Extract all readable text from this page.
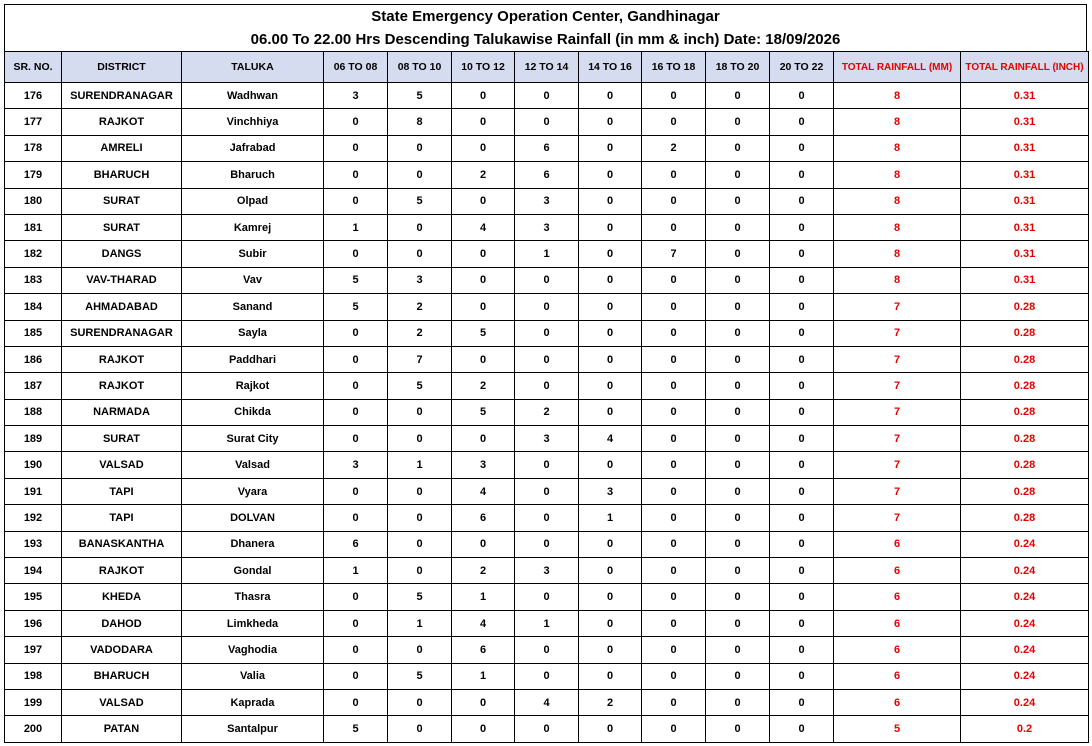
State Emergency Operation Center, Gandhinagar
06.00 To 22.00 Hrs Descending Talukawise Rainfall (in mm & inch) Date: 18/09/2026
SR. NO.	DISTRICT	TALUKA	06 TO 08	08 TO 10	10 TO 12	12 TO 14	14 TO 16	16 TO 18	18 TO 20	20 TO 22	TOTAL RAINFALL (MM)	TOTAL RAINFALL (INCH)
176	SURENDRANAGAR	Wadhwan	3	5	0	0	0	0	0	0	8	0.31
177	RAJKOT	Vinchhiya	0	8	0	0	0	0	0	0	8	0.31
178	AMRELI	Jafrabad	0	0	0	6	0	2	0	0	8	0.31
179	BHARUCH	Bharuch	0	0	2	6	0	0	0	0	8	0.31
180	SURAT	Olpad	0	5	0	3	0	0	0	0	8	0.31
181	SURAT	Kamrej	1	0	4	3	0	0	0	0	8	0.31
182	DANGS	Subir	0	0	0	1	0	7	0	0	8	0.31
183	VAV-THARAD	Vav	5	3	0	0	0	0	0	0	8	0.31
184	AHMADABAD	Sanand	5	2	0	0	0	0	0	0	7	0.28
185	SURENDRANAGAR	Sayla	0	2	5	0	0	0	0	0	7	0.28
186	RAJKOT	Paddhari	0	7	0	0	0	0	0	0	7	0.28
187	RAJKOT	Rajkot	0	5	2	0	0	0	0	0	7	0.28
188	NARMADA	Chikda	0	0	5	2	0	0	0	0	7	0.28
189	SURAT	Surat City	0	0	0	3	4	0	0	0	7	0.28
190	VALSAD	Valsad	3	1	3	0	0	0	0	0	7	0.28
191	TAPI	Vyara	0	0	4	0	3	0	0	0	7	0.28
192	TAPI	DOLVAN	0	0	6	0	1	0	0	0	7	0.28
193	BANASKANTHA	Dhanera	6	0	0	0	0	0	0	0	6	0.24
194	RAJKOT	Gondal	1	0	2	3	0	0	0	0	6	0.24
195	KHEDA	Thasra	0	5	1	0	0	0	0	0	6	0.24
196	DAHOD	Limkheda	0	1	4	1	0	0	0	0	6	0.24
197	VADODARA	Vaghodia	0	0	6	0	0	0	0	0	6	0.24
198	BHARUCH	Valia	0	5	1	0	0	0	0	0	6	0.24
199	VALSAD	Kaprada	0	0	0	4	2	0	0	0	6	0.24
200	PATAN	Santalpur	5	0	0	0	0	0	0	0	5	0.2
